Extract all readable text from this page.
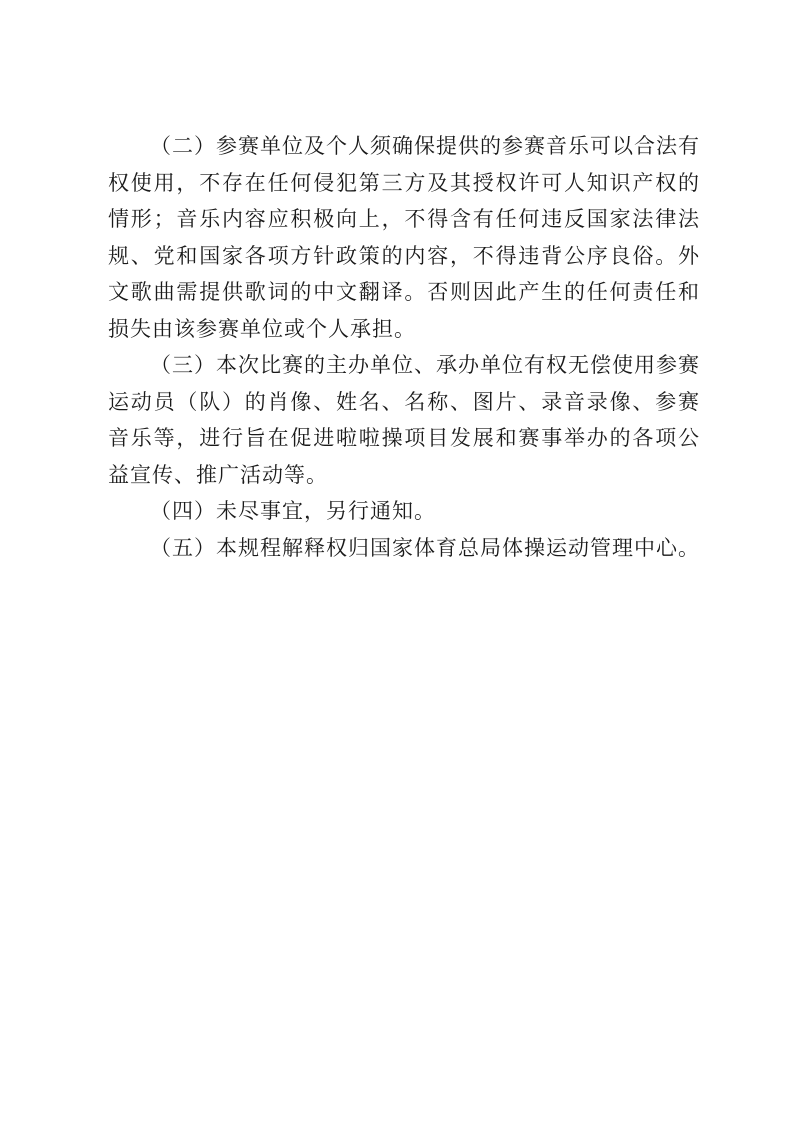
（二）参赛单位及个人须确保提供的参赛音乐可以合法有权使用，不存在任何侵犯第三方及其授权许可人知识产权的情形；音乐内容应积极向上，不得含有任何违反国家法律法规、党和国家各项方针政策的内容，不得违背公序良俗。外文歌曲需提供歌词的中文翻译。否则因此产生的任何责任和损失由该参赛单位或个人承担。

（三）本次比赛的主办单位、承办单位有权无偿使用参赛运动员（队）的肖像、姓名、名称、图片、录音录像、参赛音乐等，进行旨在促进啦啦操项目发展和赛事举办的各项公益宣传、推广活动等。

（四）未尽事宜，另行通知。

（五）本规程解释权归国家体育总局体操运动管理中心。
